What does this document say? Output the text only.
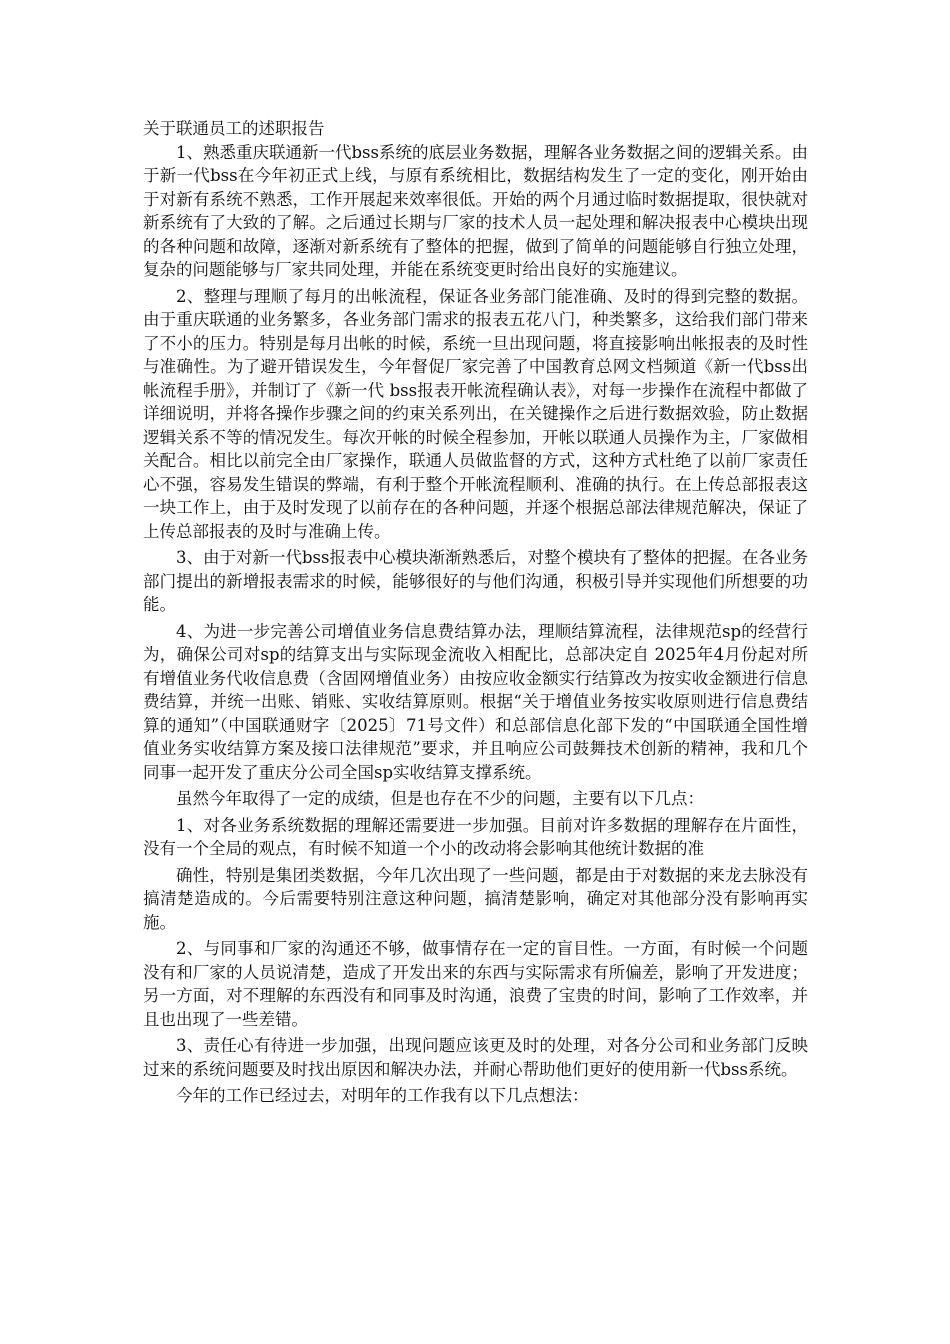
关于联通员工的述职报告

1、熟悉重庆联通新一代bss系统的底层业务数据，理解各业务数据之间的逻辑关系。由于新一代bss在今年初正式上线，与原有系统相比，数据结构发生了一定的变化，刚开始由于对新有系统不熟悉，工作开展起来效率很低。开始的两个月通过临时数据提取，很快就对新系统有了大致的了解。之后通过长期与厂家的技术人员一起处理和解决报表中心模块出现的各种问题和故障，逐渐对新系统有了整体的把握，做到了简单的问题能够自行独立处理，复杂的问题能够与厂家共同处理，并能在系统变更时给出良好的实施建议。

2、整理与理顺了每月的出帐流程，保证各业务部门能准确、及时的得到完整的数据。由于重庆联通的业务繁多，各业务部门需求的报表五花八门，种类繁多，这给我们部门带来了不小的压力。特别是每月出帐的时候，系统一旦出现问题，将直接影响出帐报表的及时性与准确性。为了避开错误发生，今年督促厂家完善了中国教育总网文档频道《新一代bss出帐流程手册》，并制订了《新一代 bss报表开帐流程确认表》，对每一步操作在流程中都做了详细说明，并将各操作步骤之间的约束关系列出，在关键操作之后进行数据效验，防止数据逻辑关系不等的情况发生。每次开帐的时候全程参加，开帐以联通人员操作为主，厂家做相关配合。相比以前完全由厂家操作，联通人员做监督的方式，这种方式杜绝了以前厂家责任心不强，容易发生错误的弊端，有利于整个开帐流程顺利、准确的执行。在上传总部报表这一块工作上，由于及时发现了以前存在的各种问题，并逐个根据总部法律规范解决，保证了上传总部报表的及时与准确上传。

3、由于对新一代bss报表中心模块渐渐熟悉后，对整个模块有了整体的把握。在各业务部门提出的新增报表需求的时候，能够很好的与他们沟通，积极引导并实现他们所想要的功能。

4、为进一步完善公司增值业务信息费结算办法，理顺结算流程，法律规范sp的经营行为，确保公司对sp的结算支出与实际现金流收入相配比，总部决定自 2025年4月份起对所有增值业务代收信息费（含固网增值业务）由按应收金额实行结算改为按实收金额进行信息费结算，并统一出账、销账、实收结算原则。根据“关于增值业务按实收原则进行信息费结算的通知”（中国联通财字〔2025〕71号文件）和总部信息化部下发的“中国联通全国性增值业务实收结算方案及接口法律规范”要求，并且响应公司鼓舞技术创新的精神，我和几个同事一起开发了重庆分公司全国sp实收结算支撑系统。

虽然今年取得了一定的成绩，但是也存在不少的问题，主要有以下几点：

1、对各业务系统数据的理解还需要进一步加强。目前对许多数据的理解存在片面性，没有一个全局的观点，有时候不知道一个小的改动将会影响其他统计数据的准

确性，特别是集团类数据，今年几次出现了一些问题，都是由于对数据的来龙去脉没有搞清楚造成的。今后需要特别注意这种问题，搞清楚影响，确定对其他部分没有影响再实施。

2、与同事和厂家的沟通还不够，做事情存在一定的盲目性。一方面，有时候一个问题没有和厂家的人员说清楚，造成了开发出来的东西与实际需求有所偏差，影响了开发进度；另一方面，对不理解的东西没有和同事及时沟通，浪费了宝贵的时间，影响了工作效率，并且也出现了一些差错。

3、责任心有待进一步加强，出现问题应该更及时的处理，对各分公司和业务部门反映过来的系统问题要及时找出原因和解决办法，并耐心帮助他们更好的使用新一代bss系统。

今年的工作已经过去，对明年的工作我有以下几点想法：
